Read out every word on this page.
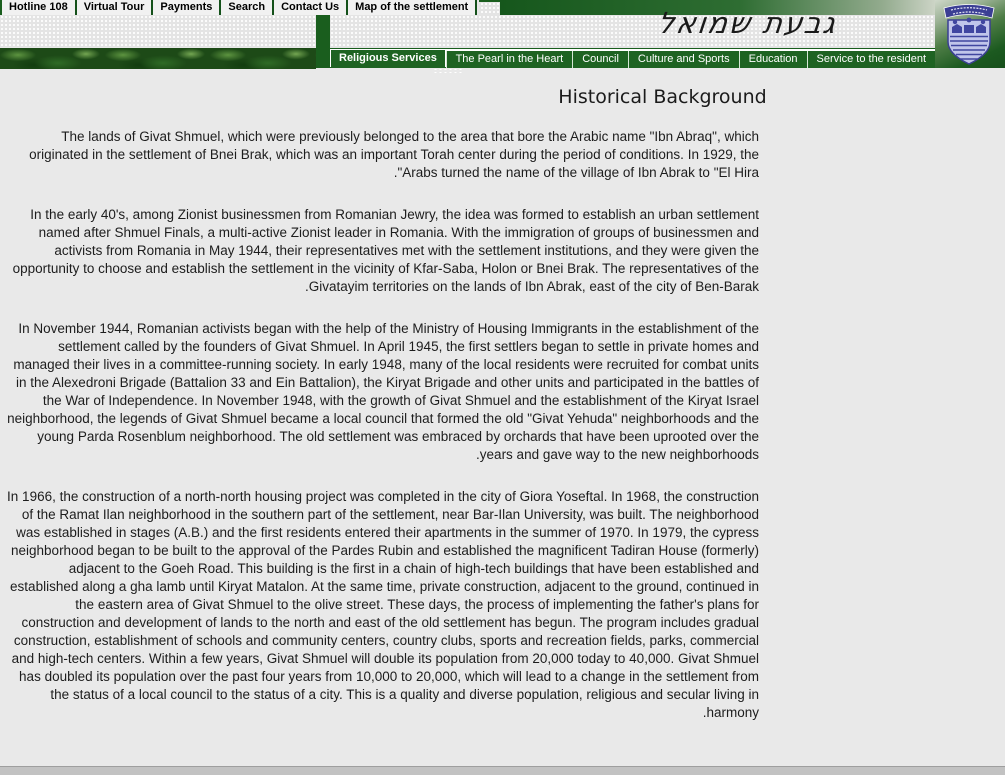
Hotline 108	Virtual Tour	Payments	Search	Contact Us	Map of the settlement
Religious Services	The Pearl in the Heart	Council	Culture and Sports	Education	Service to the resident
גבעת שמואל
Historical Background

The lands of Givat Shmuel, which were previously belonged to the area that bore the Arabic name "Ibn Abraq", which originated in the settlement of Bnei Brak, which was an important Torah center during the period of conditions. In 1929, the Arabs turned the name of the village of Ibn Abrak to "El Hira".

In the early 40's, among Zionist businessmen from Romanian Jewry, the idea was formed to establish an urban settlement named after Shmuel Finals, a multi-active Zionist leader in Romania. With the immigration of groups of businessmen and activists from Romania in May 1944, their representatives met with the settlement institutions, and they were given the opportunity to choose and establish the settlement in the vicinity of Kfar-Saba, Holon or Bnei Brak. The representatives of the Givatayim territories on the lands of Ibn Abrak, east of the city of Ben-Barak.

In November 1944, Romanian activists began with the help of the Ministry of Housing Immigrants in the establishment of the settlement called by the founders of Givat Shmuel. In April 1945, the first settlers began to settle in private homes and managed their lives in a committee-running society. In early 1948, many of the local residents were recruited for combat units in the Alexedroni Brigade (Battalion 33 and Ein Battalion), the Kiryat Brigade and other units and participated in the battles of the War of Independence. In November 1948, with the growth of Givat Shmuel and the establishment of the Kiryat Israel neighborhood, the legends of Givat Shmuel became a local council that formed the old "Givat Yehuda" neighborhoods and the young Parda Rosenblum neighborhood. The old settlement was embraced by orchards that have been uprooted over the years and gave way to the new neighborhoods.

In 1966, the construction of a north-north housing project was completed in the city of Giora Yoseftal. In 1968, the construction of the Ramat Ilan neighborhood in the southern part of the settlement, near Bar-Ilan University, was built. The neighborhood was established in stages (A.B.) and the first residents entered their apartments in the summer of 1970. In 1979, the cypress neighborhood began to be built to the approval of the Pardes Rubin and established the magnificent Tadiran House (formerly) adjacent to the Goeh Road. This building is the first in a chain of high-tech buildings that have been established and established along a gha lamb until Kiryat Matalon. At the same time, private construction, adjacent to the ground, continued in the eastern area of Givat Shmuel to the olive street. These days, the process of implementing the father's plans for construction and development of lands to the north and east of the old settlement has begun. The program includes gradual construction, establishment of schools and community centers, country clubs, sports and recreation fields, parks, commercial and high-tech centers. Within a few years, Givat Shmuel will double its population from 20,000 today to 40,000. Givat Shmuel has doubled its population over the past four years from 10,000 to 20,000, which will lead to a change in the settlement from the status of a local council to the status of a city. This is a quality and diverse population, religious and secular living in harmony.
